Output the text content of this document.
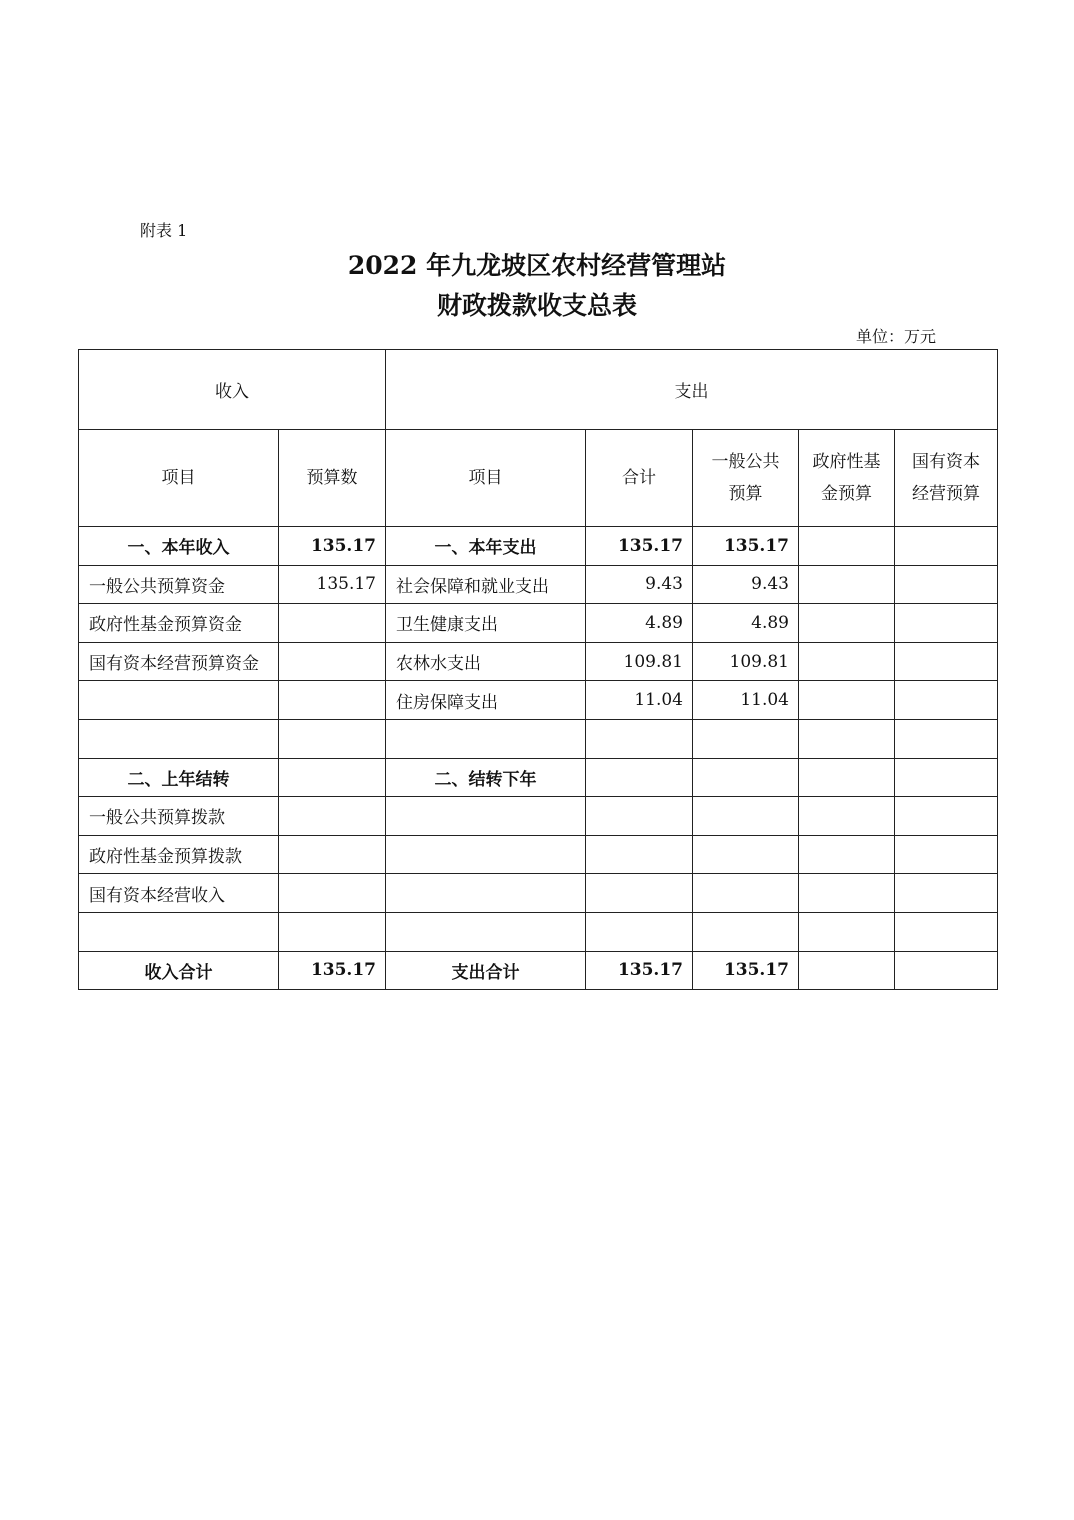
附表 1
2022 年九龙坡区农村经营管理站
财政拨款收支总表
单位：万元
收入		支出				
项目	预算数	项目	合计	一般公共预算	政府性基金预算	国有资本经营预算
一、本年收入	135.17	一、本年支出	135.17	135.17		
一般公共预算资金	135.17	社会保障和就业支出	9.43	9.43		
政府性基金预算资金		卫生健康支出	4.89	4.89		
国有资本经营预算资金		农林水支出	109.81	109.81		
		住房保障支出	11.04	11.04		

二、上年结转		二、结转下年				
一般公共预算拨款						
政府性基金预算拨款						
国有资本经营收入						

收入合计	135.17	支出合计	135.17	135.17		
